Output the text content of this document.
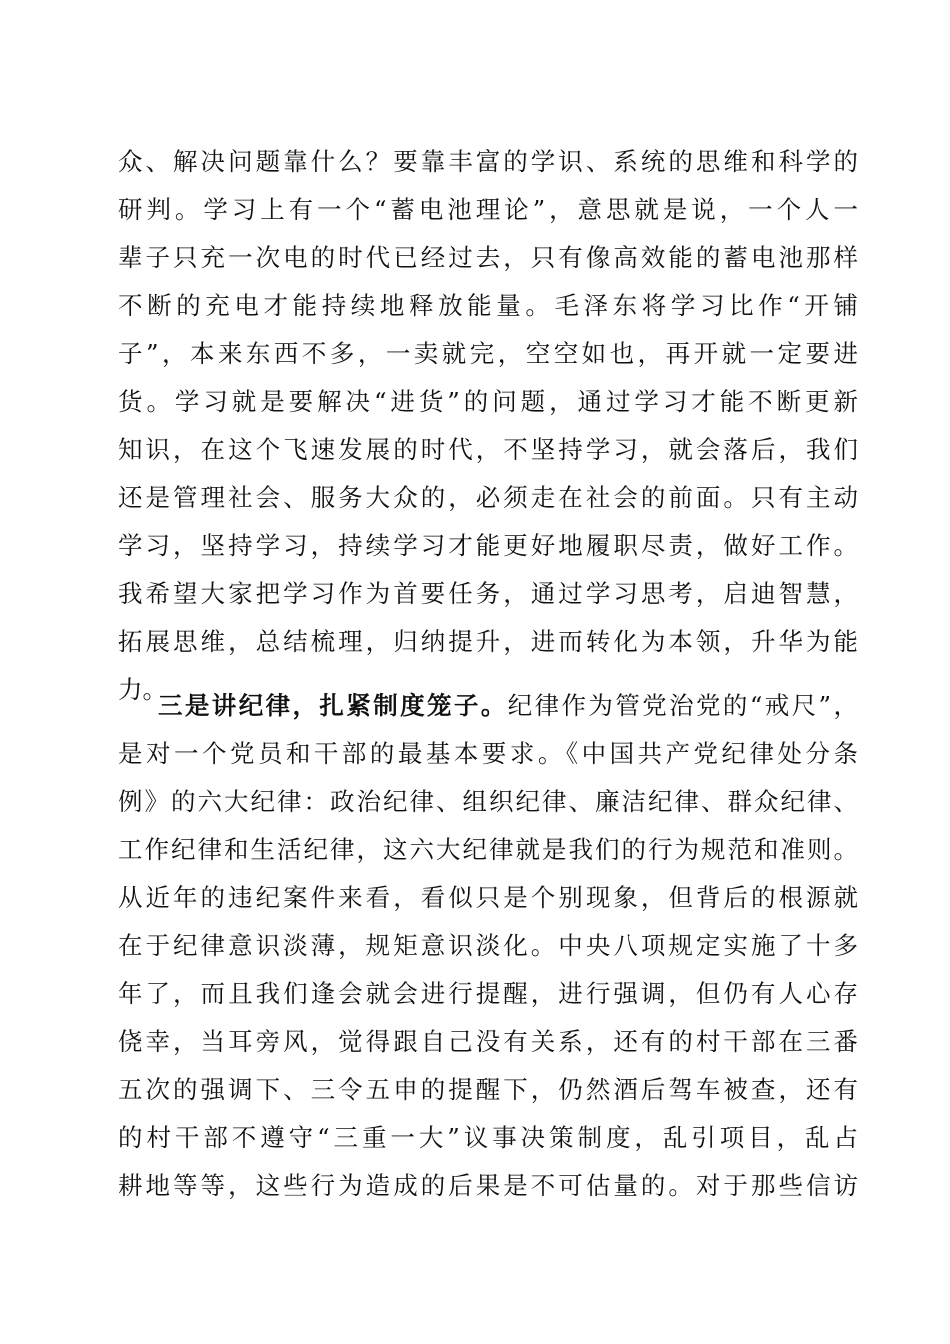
众、解决问题靠什么？要靠丰富的学识、系统的思维和科学的
研判。学习上有一个“蓄电池理论”，意思就是说，一个人一
辈子只充一次电的时代已经过去，只有像高效能的蓄电池那样
不断的充电才能持续地释放能量。毛泽东将学习比作“开铺
子”，本来东西不多，一卖就完，空空如也，再开就一定要进
货。学习就是要解决“进货”的问题，通过学习才能不断更新
知识，在这个飞速发展的时代，不坚持学习，就会落后，我们
还是管理社会、服务大众的，必须走在社会的前面。只有主动
学习，坚持学习，持续学习才能更好地履职尽责，做好工作。
我希望大家把学习作为首要任务，通过学习思考，启迪智慧，
拓展思维，总结梳理，归纳提升，进而转化为本领，升华为能
力。
三是讲纪律，扎紧制度笼子。纪律作为管党治党的“戒尺”，
是对一个党员和干部的最基本要求。《中国共产党纪律处分条
例》的六大纪律：政治纪律、组织纪律、廉洁纪律、群众纪律、
工作纪律和生活纪律，这六大纪律就是我们的行为规范和准则。
从近年的违纪案件来看，看似只是个别现象，但背后的根源就
在于纪律意识淡薄，规矩意识淡化。中央八项规定实施了十多
年了，而且我们逢会就会进行提醒，进行强调，但仍有人心存
侥幸，当耳旁风，觉得跟自己没有关系，还有的村干部在三番
五次的强调下、三令五申的提醒下，仍然酒后驾车被查，还有
的村干部不遵守“三重一大”议事决策制度，乱引项目，乱占
耕地等等，这些行为造成的后果是不可估量的。对于那些信访
